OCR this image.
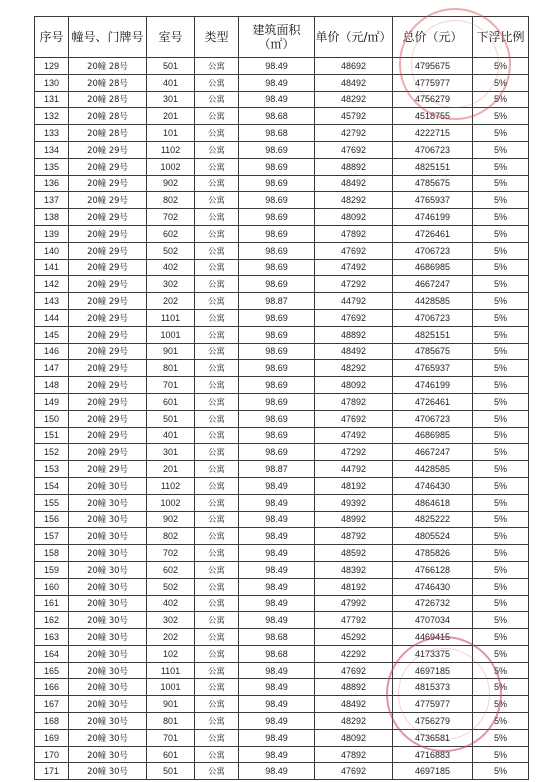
序号	幢号、门牌号	室号	类型	建筑面积（㎡）	单价（元/㎡）	总价（元）	下浮比例
129	20幢 28号	501	公寓	98.49	48692	4795675	5%
130	20幢 28号	401	公寓	98.49	48492	4775977	5%
131	20幢 28号	301	公寓	98.49	48292	4756279	5%
132	20幢 28号	201	公寓	98.68	45792	4518755	5%
133	20幢 28号	101	公寓	98.68	42792	4222715	5%
134	20幢 29号	1102	公寓	98.69	47692	4706723	5%
135	20幢 29号	1002	公寓	98.69	48892	4825151	5%
136	20幢 29号	902	公寓	98.69	48492	4785675	5%
137	20幢 29号	802	公寓	98.69	48292	4765937	5%
138	20幢 29号	702	公寓	98.69	48092	4746199	5%
139	20幢 29号	602	公寓	98.69	47892	4726461	5%
140	20幢 29号	502	公寓	98.69	47692	4706723	5%
141	20幢 29号	402	公寓	98.69	47492	4686985	5%
142	20幢 29号	302	公寓	98.69	47292	4667247	5%
143	20幢 29号	202	公寓	98.87	44792	4428585	5%
144	20幢 29号	1101	公寓	98.69	47692	4706723	5%
145	20幢 29号	1001	公寓	98.69	48892	4825151	5%
146	20幢 29号	901	公寓	98.69	48492	4785675	5%
147	20幢 29号	801	公寓	98.69	48292	4765937	5%
148	20幢 29号	701	公寓	98.69	48092	4746199	5%
149	20幢 29号	601	公寓	98.69	47892	4726461	5%
150	20幢 29号	501	公寓	98.69	47692	4706723	5%
151	20幢 29号	401	公寓	98.69	47492	4686985	5%
152	20幢 29号	301	公寓	98.69	47292	4667247	5%
153	20幢 29号	201	公寓	98.87	44792	4428585	5%
154	20幢 30号	1102	公寓	98.49	48192	4746430	5%
155	20幢 30号	1002	公寓	98.49	49392	4864618	5%
156	20幢 30号	902	公寓	98.49	48992	4825222	5%
157	20幢 30号	802	公寓	98.49	48792	4805524	5%
158	20幢 30号	702	公寓	98.49	48592	4785826	5%
159	20幢 30号	602	公寓	98.49	48392	4766128	5%
160	20幢 30号	502	公寓	98.49	48192	4746430	5%
161	20幢 30号	402	公寓	98.49	47992	4726732	5%
162	20幢 30号	302	公寓	98.49	47792	4707034	5%
163	20幢 30号	202	公寓	98.68	45292	4469415	5%
164	20幢 30号	102	公寓	98.68	42292	4173375	5%
165	20幢 30号	1101	公寓	98.49	47692	4697185	5%
166	20幢 30号	1001	公寓	98.49	48892	4815373	5%
167	20幢 30号	901	公寓	98.49	48492	4775977	5%
168	20幢 30号	801	公寓	98.49	48292	4756279	5%
169	20幢 30号	701	公寓	98.49	48092	4736581	5%
170	20幢 30号	601	公寓	98.49	47892	4716883	5%
171	20幢 30号	501	公寓	98.49	47692	4697185	5%
